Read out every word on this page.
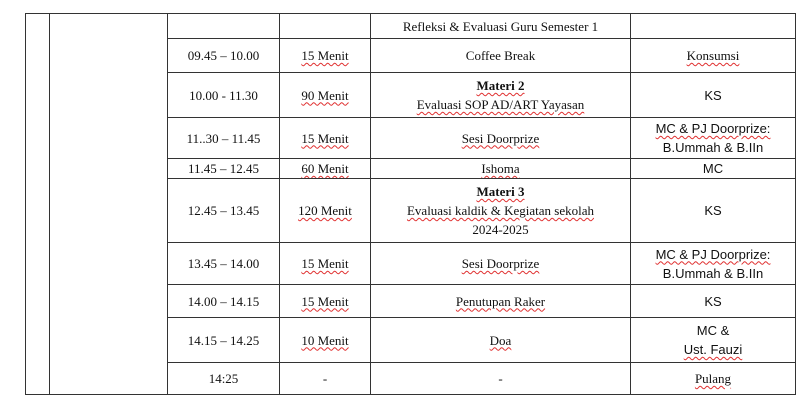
				Refleksi & Evaluasi Guru Semester 1	

		09.45 – 10.00	15 Menit	Coffee Break	Konsumsi
		10.00 - 11.30	90 Menit	Materi 2
Evaluasi SOP AD/ART Yayasan	KS
		11..30 – 11.45	15 Menit	Sesi Doorprize	MC & PJ Doorprize:
B.Ummah & B.IIn

		11.45 – 12.45	60 Menit	Ishoma	MC
		12.45 – 13.45	120 Menit	Materi 3
Evaluasi kaldik & Kegiatan sekolah
2024-2025	KS
		13.45 – 14.00	15 Menit	Sesi Doorprize	MC & PJ Doorprize:
B.Ummah & B.IIn

		14.00 – 14.15	15 Menit	Penutupan Raker	KS
		14.15 – 14.25	10 Menit	Doa	MC &
Ust. Fauzi

		14:25	-	-	Pulang
